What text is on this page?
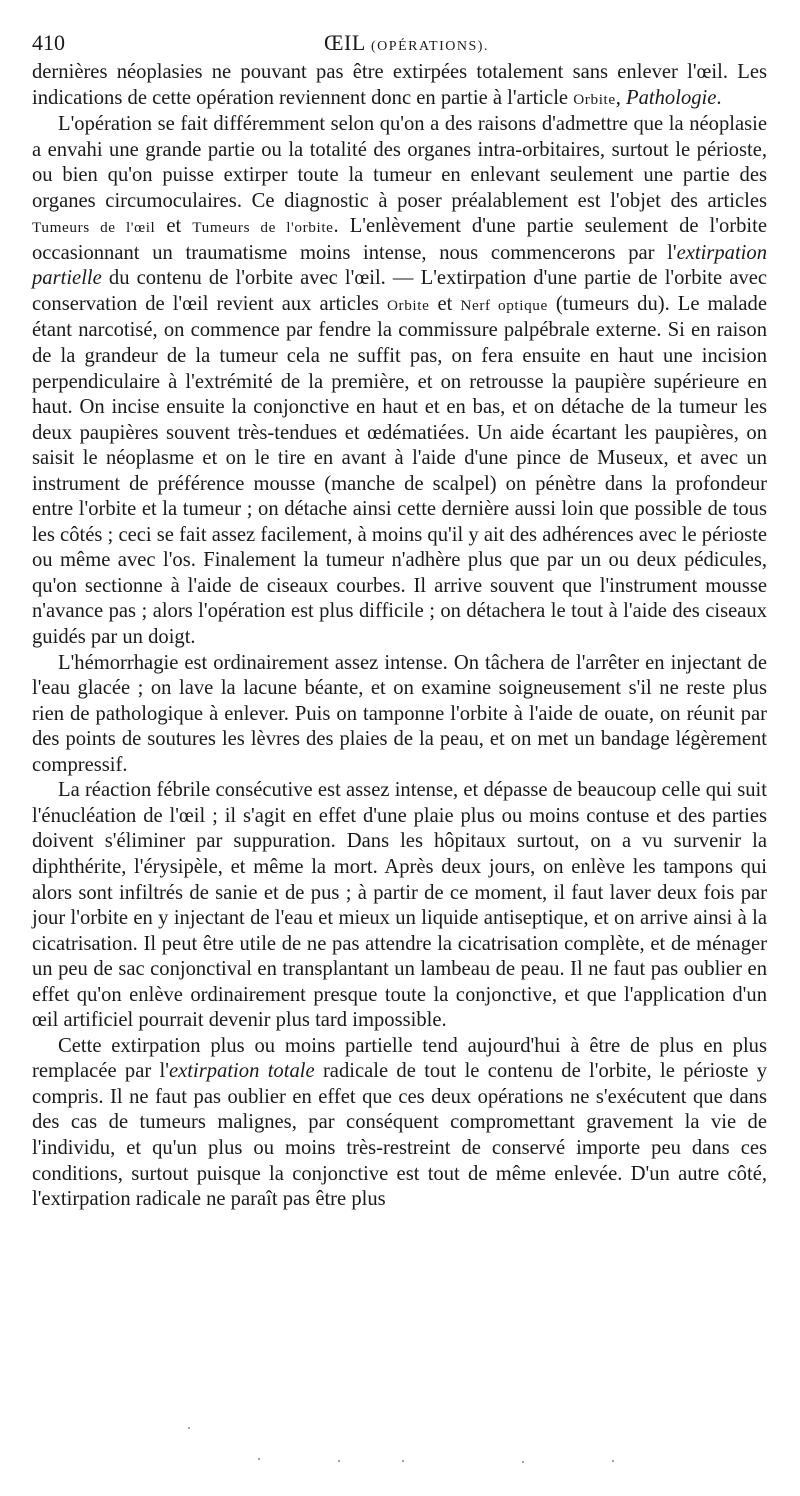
410	ŒIL (OPÉRATIONS).

dernières néoplasies ne pouvant pas être extirpées totalement sans enlever l'œil. Les indications de cette opération reviennent donc en partie à l'article Orbite, Pathologie.

L'opération se fait différemment selon qu'on a des raisons d'admettre que la néoplasie a envahi une grande partie ou la totalité des organes intra-orbitaires, surtout le périoste, ou bien qu'on puisse extirper toute la tumeur en enlevant seulement une partie des organes circumoculaires. Ce diagnostic à poser préalablement est l'objet des articles Tumeurs de l'œil et Tumeurs de l'orbite. L'enlèvement d'une partie seulement de l'orbite occasionnant un traumatisme moins intense, nous commencerons par l'extirpation partielle du contenu de l'orbite avec l'œil. — L'extirpation d'une partie de l'orbite avec conservation de l'œil revient aux articles Orbite et Nerf optique (tumeurs du). Le malade étant narcotisé, on commence par fendre la commissure palpébrale externe. Si en raison de la grandeur de la tumeur cela ne suffit pas, on fera ensuite en haut une incision perpendiculaire à l'extrémité de la première, et on retrousse la paupière supérieure en haut. On incise ensuite la conjonctive en haut et en bas, et on détache de la tumeur les deux paupières souvent très-tendues et œdématiées. Un aide écartant les paupières, on saisit le néoplasme et on le tire en avant à l'aide d'une pince de Museux, et avec un instrument de préférence mousse (manche de scalpel) on pénètre dans la profondeur entre l'orbite et la tumeur ; on détache ainsi cette dernière aussi loin que possible de tous les côtés ; ceci se fait assez facilement, à moins qu'il y ait des adhérences avec le périoste ou même avec l'os. Finalement la tumeur n'adhère plus que par un ou deux pédicules, qu'on sectionne à l'aide de ciseaux courbes. Il arrive souvent que l'instrument mousse n'avance pas ; alors l'opération est plus difficile ; on détachera le tout à l'aide des ciseaux guidés par un doigt.

L'hémorrhagie est ordinairement assez intense. On tâchera de l'arrêter en injectant de l'eau glacée ; on lave la lacune béante, et on examine soigneusement s'il ne reste plus rien de pathologique à enlever. Puis on tamponne l'orbite à l'aide de ouate, on réunit par des points de soutures les lèvres des plaies de la peau, et on met un bandage légèrement compressif.

La réaction fébrile consécutive est assez intense, et dépasse de beaucoup celle qui suit l'énucléation de l'œil ; il s'agit en effet d'une plaie plus ou moins contuse et des parties doivent s'éliminer par suppuration. Dans les hôpitaux surtout, on a vu survenir la diphthérite, l'érysipèle, et même la mort. Après deux jours, on enlève les tampons qui alors sont infiltrés de sanie et de pus ; à partir de ce moment, il faut laver deux fois par jour l'orbite en y injectant de l'eau et mieux un liquide antiseptique, et on arrive ainsi à la cicatrisation. Il peut être utile de ne pas attendre la cicatrisation complète, et de ménager un peu de sac conjonctival en transplantant un lambeau de peau. Il ne faut pas oublier en effet qu'on enlève ordinairement presque toute la conjonctive, et que l'application d'un œil artificiel pourrait devenir plus tard impossible.

Cette extirpation plus ou moins partielle tend aujourd'hui à être de plus en plus remplacée par l'extirpation totale radicale de tout le contenu de l'orbite, le périoste y compris. Il ne faut pas oublier en effet que ces deux opérations ne s'exécutent que dans des cas de tumeurs malignes, par conséquent compromettant gravement la vie de l'individu, et qu'un plus ou moins très-restreint de conservé importe peu dans ces conditions, surtout puisque la conjonctive est tout de même enlevée. D'un autre côté, l'extirpation radicale ne paraît pas être plus
